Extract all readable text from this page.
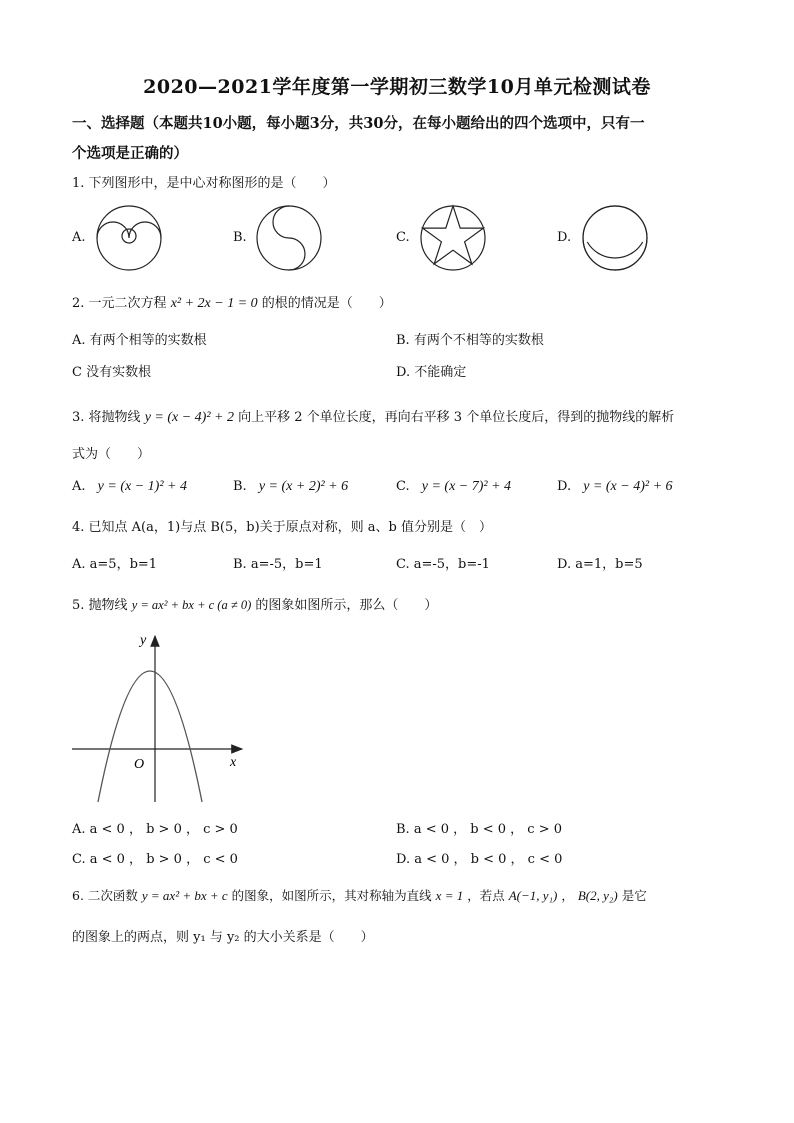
2020—2021学年度第一学期初三数学10月单元检测试卷
一、选择题（本题共10小题，每小题3分，共30分，在每小题给出的四个选项中，只有一
个选项是正确的）
1. 下列图形中，是中心对称图形的是（　　）
A.	B.	C.	D.
2. 一元二次方程 x² + 2x − 1 = 0 的根的情况是（　　）
A. 有两个相等的实数根	B. 有两个不相等的实数根
C 没有实数根	D. 不能确定
3. 将抛物线 y = (x − 4)² + 2 向上平移 2 个单位长度，再向右平移 3 个单位长度后，得到的抛物线的解析
式为（　　）
A. y = (x − 1)² + 4	B. y = (x + 2)² + 6	C. y = (x − 7)² + 4	D. y = (x − 4)² + 6
4. 已知点 A(a，1)与点 B(5，b)关于原点对称，则 a、b 值分别是（　）
A. a=5，b=1	B. a=-5，b=1	C. a=-5，b=-1	D. a=1，b=5
5. 抛物线 y = ax² + bx + c (a ≠ 0) 的图象如图所示，那么（　　）
y
x
O
A. a < 0 ， b > 0 ， c > 0	B. a < 0 ， b < 0 ， c > 0
C. a < 0 ， b > 0 ， c < 0	D. a < 0 ， b < 0 ， c < 0
6. 二次函数 y = ax² + bx + c 的图象，如图所示，其对称轴为直线 x = 1 ，若点 A(−1, y₁) ， B(2, y₂) 是它
的图象上的两点，则 y₁ 与 y₂ 的大小关系是（　　）
